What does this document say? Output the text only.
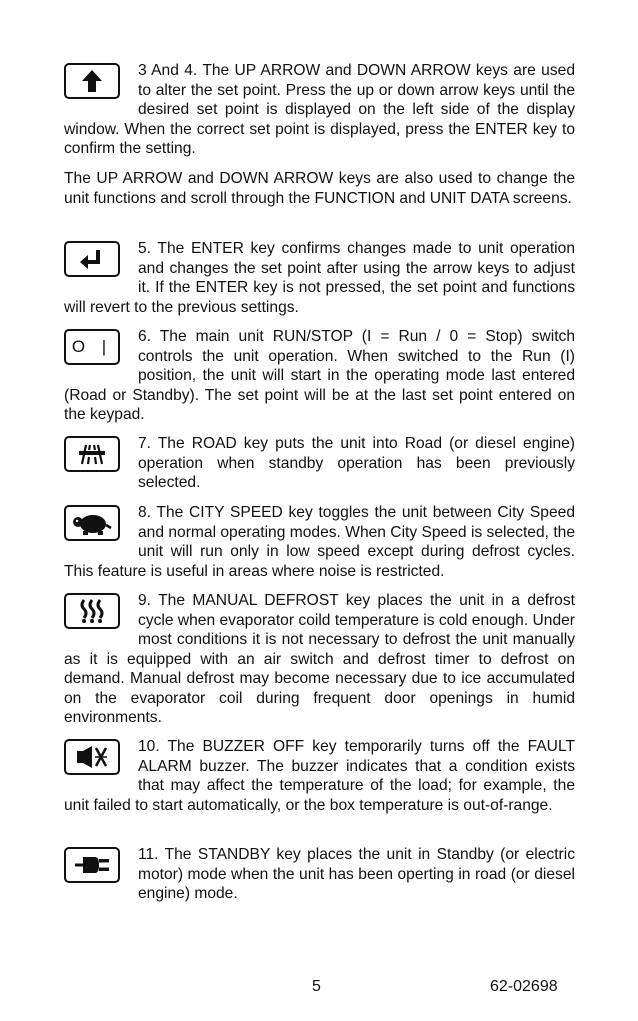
3 And 4. The UP ARROW and DOWN ARROW keys are used to alter the set point. Press the up or down arrow keys until the desired set point is displayed on the left side of the display window. When the correct set point is displayed, press the ENTER key to confirm the setting.

The UP ARROW and DOWN ARROW keys are also used to change the unit functions and scroll through the FUNCTION and UNIT DATA screens.

5. The ENTER key confirms changes made to unit operation and changes the set point after using the arrow keys to adjust it. If the ENTER key is not pressed, the set point and functions will revert to the previous settings.

O |

6. The main unit RUN/STOP (I = Run / 0 = Stop) switch controls the unit operation. When switched to the Run (I) position, the unit will start in the operating mode last entered (Road or Standby). The set point will be at the last set point entered on the keypad.

7. The ROAD key puts the unit into Road (or diesel engine) operation when standby operation has been previously selected.

8. The CITY SPEED key toggles the unit between City Speed and normal operating modes. When City Speed is selected, the unit will run only in low speed except during defrost cycles. This feature is useful in areas where noise is restricted.

9. The MANUAL DEFROST key places the unit in a defrost cycle when evaporator coild temperature is cold enough. Under most conditions it is not necessary to defrost the unit manually as it is equipped with an air switch and defrost timer to defrost on demand. Manual defrost may become necessary due to ice accumulated on the evaporator coil during frequent door openings in humid environments.

10. The BUZZER OFF key temporarily turns off the FAULT ALARM buzzer. The buzzer indicates that a condition exists that may affect the temperature of the load; for example, the unit failed to start automatically, or the box temperature is out-of-range.

11. The STANDBY key places the unit in Standby (or electric motor) mode when the unit has been operting in road (or diesel engine) mode.

5	62-02698
